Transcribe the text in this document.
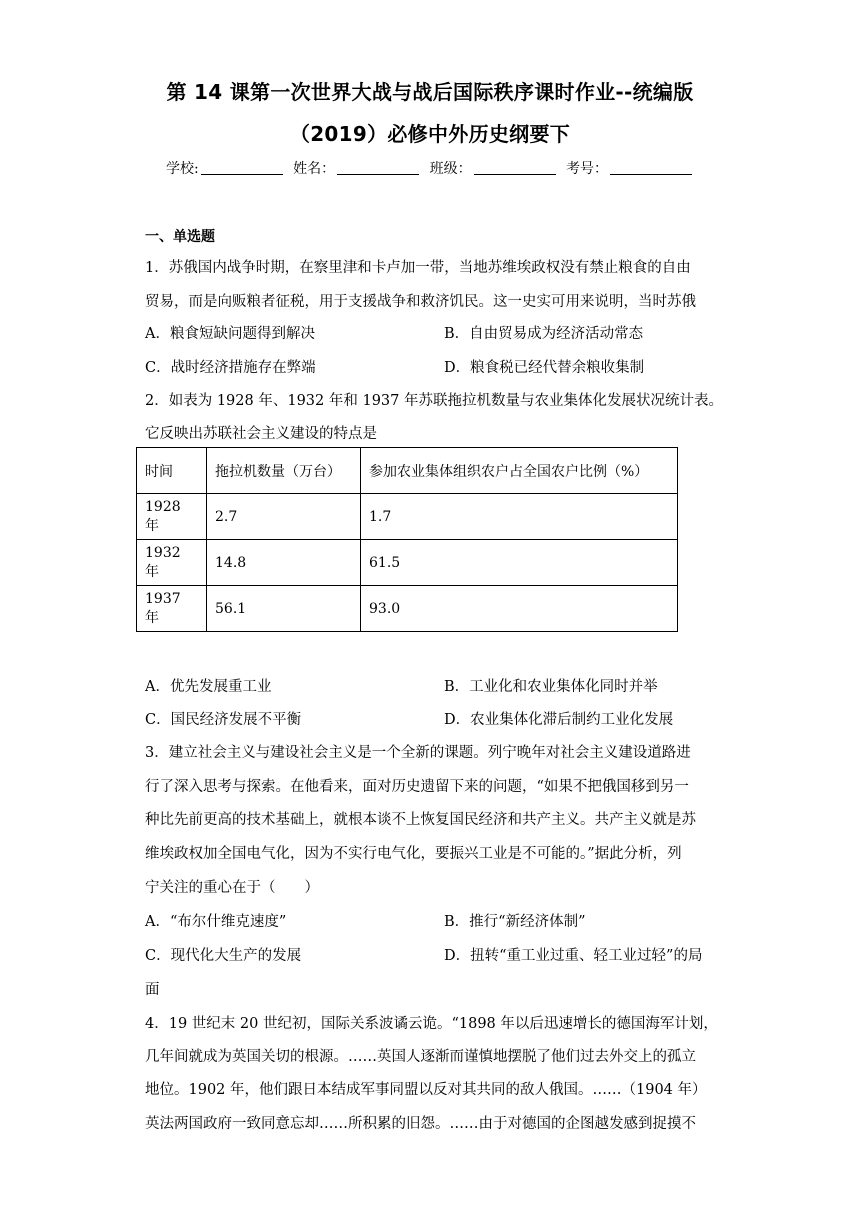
第 14 课第一次世界大战与战后国际秩序课时作业--统编版
（2019）必修中外历史纲要下
学校:	姓名：	班级：	考号：
一、单选题
1．苏俄国内战争时期，在察里津和卡卢加一带，当地苏维埃政权没有禁止粮食的自由
贸易，而是向贩粮者征税，用于支援战争和救济饥民。这一史实可用来说明，当时苏俄
A．粮食短缺问题得到解决	B．自由贸易成为经济活动常态
C．战时经济措施存在弊端	D．粮食税已经代替余粮收集制
2．如表为 1928 年、1932 年和 1937 年苏联拖拉机数量与农业集体化发展状况统计表。
它反映出苏联社会主义建设的特点是
时间	拖拉机数量（万台）	参加农业集体组织农户占全国农户比例（%）
1928 年	2.7	1.7
1932 年	14.8	61.5
1937 年	56.1	93.0
A．优先发展重工业	B．工业化和农业集体化同时并举
C．国民经济发展不平衡	D．农业集体化滞后制约工业化发展
3．建立社会主义与建设社会主义是一个全新的课题。列宁晚年对社会主义建设道路进
行了深入思考与探索。在他看来，面对历史遗留下来的问题，“如果不把俄国移到另一
种比先前更高的技术基础上，就根本谈不上恢复国民经济和共产主义。共产主义就是苏
维埃政权加全国电气化，因为不实行电气化，要振兴工业是不可能的。”据此分析，列
宁关注的重心在于（　　）
A．“布尔什维克速度”	B．推行“新经济体制”
C．现代化大生产的发展	D．扭转“重工业过重、轻工业过轻”的局
面
4．19 世纪末 20 世纪初，国际关系波谲云诡。“1898 年以后迅速增长的德国海军计划，
几年间就成为英国关切的根源。……英国人逐渐而谨慎地摆脱了他们过去外交上的孤立
地位。1902 年，他们跟日本结成军事同盟以反对其共同的敌人俄国。……（1904 年）
英法两国政府一致同意忘却……所积累的旧怨。……由于对德国的企图越发感到捉摸不
